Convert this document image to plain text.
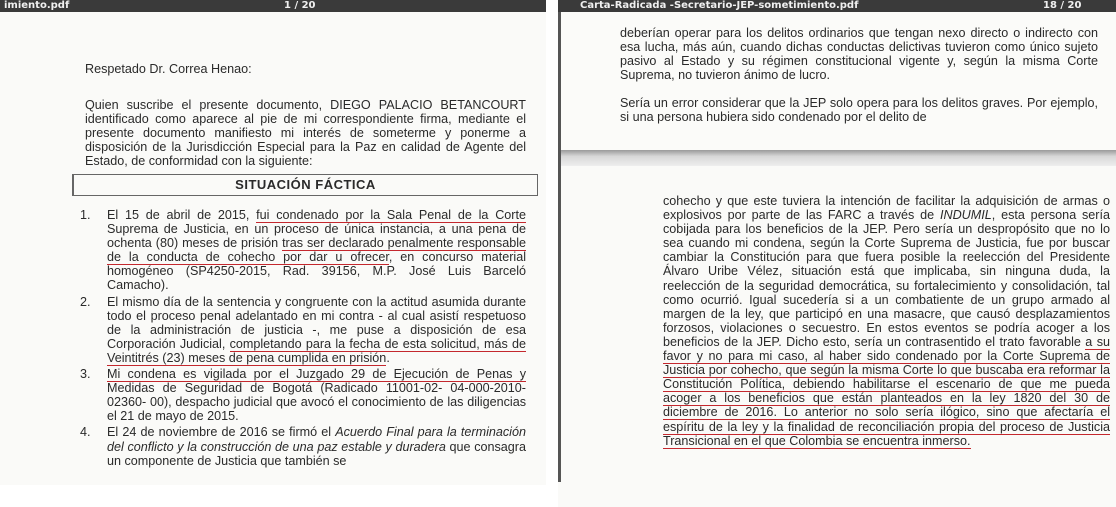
imiento.pdf	1 / 20
Respetado Dr. Correa Henao:
Quien suscribe el presente documento, DIEGO PALACIO BETANCOURT identificado como aparece al pie de mi correspondiente firma, mediante el presente documento manifiesto mi interés de someterme y ponerme a disposición de la Jurisdicción Especial para la Paz en calidad de Agente del Estado, de conformidad con la siguiente:
SITUACIÓN FÁCTICA
1. El 15 de abril de 2015, fui condenado por la Sala Penal de la Corte Suprema de Justicia, en un proceso de única instancia, a una pena de ochenta (80) meses de prisión tras ser declarado penalmente responsable de la conducta de cohecho por dar u ofrecer, en concurso material homogéneo (SP4250-2015, Rad. 39156, M.P. José Luis Barceló Camacho).
2. El mismo día de la sentencia y congruente con la actitud asumida durante todo el proceso penal adelantado en mi contra - al cual asistí respetuoso de la administración de justicia -, me puse a disposición de esa Corporación Judicial, completando para la fecha de esta solicitud, más de Veintitrés (23) meses de pena cumplida en prisión.
3. Mi condena es vigilada por el Juzgado 29 de Ejecución de Penas y Medidas de Seguridad de Bogotá (Radicado 11001-02- 04-000-2010-02360- 00), despacho judicial que avocó el conocimiento de las diligencias el 21 de mayo de 2015.
4. El 24 de noviembre de 2016 se firmó el Acuerdo Final para la terminación del conflicto y la construcción de una paz estable y duradera que consagra un componente de Justicia que también se

deberían operar para los delitos ordinarios que tengan nexo directo o indirecto con esa lucha, más aún, cuando dichas conductas delictivas tuvieron como único sujeto pasivo al Estado y su régimen constitucional vigente y, según la misma Corte Suprema, no tuvieron ánimo de lucro.

Sería un error considerar que la JEP solo opera para los delitos graves. Por ejemplo, si una persona hubiera sido condenado por el delito de

Carta-Radicada -Secretario-JEP-sometimiento.pdf	18 / 20
cohecho y que este tuviera la intención de facilitar la adquisición de armas o explosivos por parte de las FARC a través de INDUMIL, esta persona sería cobijada para los beneficios de la JEP. Pero sería un despropósito que no lo sea cuando mi condena, según la Corte Suprema de Justicia, fue por buscar cambiar la Constitución para que fuera posible la reelección del Presidente Álvaro Uribe Vélez, situación está que implicaba, sin ninguna duda, la reelección de la seguridad democrática, su fortalecimiento y consolidación, tal como ocurrió. Igual sucedería si a un combatiente de un grupo armado al margen de la ley, que participó en una masacre, que causó desplazamientos forzosos, violaciones o secuestro. En estos eventos se podría acoger a los beneficios de la JEP. Dicho esto, sería un contrasentido el trato favorable a su favor y no para mi caso, al haber sido condenado por la Corte Suprema de Justicia por cohecho, que según la misma Corte lo que buscaba era reformar la Constitución Política, debiendo habilitarse el escenario de que me pueda acoger a los beneficios que están planteados en la ley 1820 del 30 de diciembre de 2016. Lo anterior no solo sería ilógico, sino que afectaría el espíritu de la ley y la finalidad de reconciliación propia del proceso de Justicia Transicional en el que Colombia se encuentra inmerso.
